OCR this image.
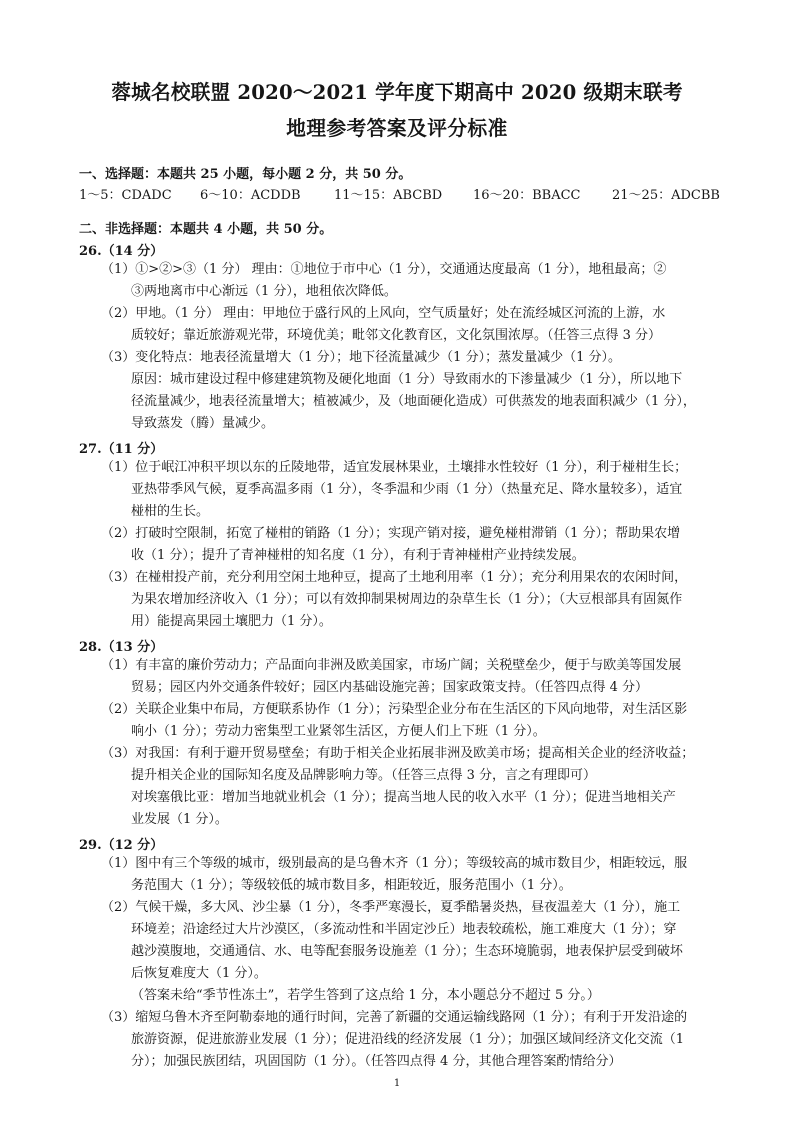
蓉城名校联盟 2020～2021 学年度下期高中 2020 级期末联考
地理参考答案及评分标准
一、选择题：本题共 25 小题，每小题 2 分，共 50 分。
1～5：CDADC 6～10：ACDDB	11～15：ABCBD 16～20：BBACC 21～25：ADCBB
二、非选择题：本题共 4 小题，共 50 分。
26.（14 分）
（1）①>②>③（1 分） 理由：①地位于市中心（1 分），交通通达度最高（1 分），地租最高；②
③两地离市中心渐远（1 分），地租依次降低。
（2）甲地。（1 分） 理由：甲地位于盛行风的上风向，空气质量好；处在流经城区河流的上游，水
质较好；靠近旅游观光带，环境优美；毗邻文化教育区，文化氛围浓厚。（任答三点得 3 分）
（3）变化特点：地表径流量增大（1 分）；地下径流量减少（1 分）；蒸发量减少（1 分）。
原因：城市建设过程中修建建筑物及硬化地面（1 分）导致雨水的下渗量减少（1 分），所以地下
径流量减少，地表径流量增大；植被减少，及（地面硬化造成）可供蒸发的地表面积减少（1 分），
导致蒸发（腾）量减少。
27.（11 分）
（1）位于岷江冲积平坝以东的丘陵地带，适宜发展林果业，土壤排水性较好（1 分），利于椪柑生长；
亚热带季风气候，夏季高温多雨（1 分），冬季温和少雨（1 分）（热量充足、降水量较多），适宜
椪柑的生长。
（2）打破时空限制，拓宽了椪柑的销路（1 分）；实现产销对接，避免椪柑滞销（1 分）；帮助果农增
收（1 分）；提升了青神椪柑的知名度（1 分），有利于青神椪柑产业持续发展。
（3）在椪柑投产前，充分利用空闲土地种豆，提高了土地利用率（1 分）；充分利用果农的农闲时间，
为果农增加经济收入（1 分）；可以有效抑制果树周边的杂草生长（1 分）；（大豆根部具有固氮作
用）能提高果园土壤肥力（1 分）。
28.（13 分）
（1）有丰富的廉价劳动力；产品面向非洲及欧美国家，市场广阔；关税壁垒少，便于与欧美等国发展
贸易；园区内外交通条件较好；园区内基础设施完善；国家政策支持。（任答四点得 4 分）
（2）关联企业集中布局，方便联系协作（1 分）；污染型企业分布在生活区的下风向地带，对生活区影
响小（1 分）；劳动力密集型工业紧邻生活区，方便人们上下班（1 分）。
（3）对我国：有利于避开贸易壁垒；有助于相关企业拓展非洲及欧美市场；提高相关企业的经济收益；
提升相关企业的国际知名度及品牌影响力等。（任答三点得 3 分，言之有理即可）
对埃塞俄比亚：增加当地就业机会（1 分）；提高当地人民的收入水平（1 分）；促进当地相关产
业发展（1 分）。
29.（12 分）
（1）图中有三个等级的城市，级别最高的是乌鲁木齐（1 分）；等级较高的城市数目少，相距较远，服
务范围大（1 分）；等级较低的城市数目多，相距较近，服务范围小（1 分）。
（2）气候干燥，多大风、沙尘暴（1 分），冬季严寒漫长，夏季酷暑炎热，昼夜温差大（1 分），施工
环境差；沿途经过大片沙漠区，（多流动性和半固定沙丘）地表较疏松，施工难度大（1 分）；穿
越沙漠腹地，交通通信、水、电等配套服务设施差（1 分）；生态环境脆弱，地表保护层受到破坏
后恢复难度大（1 分）。
（答案未给“季节性冻土”，若学生答到了这点给 1 分，本小题总分不超过 5 分。）
（3）缩短乌鲁木齐至阿勒泰地的通行时间，完善了新疆的交通运输线路网（1 分）；有利于开发沿途的
旅游资源，促进旅游业发展（1 分）；促进沿线的经济发展（1 分）；加强区域间经济文化交流（1
分）；加强民族团结，巩固国防（1 分）。（任答四点得 4 分，其他合理答案酌情给分）
1
